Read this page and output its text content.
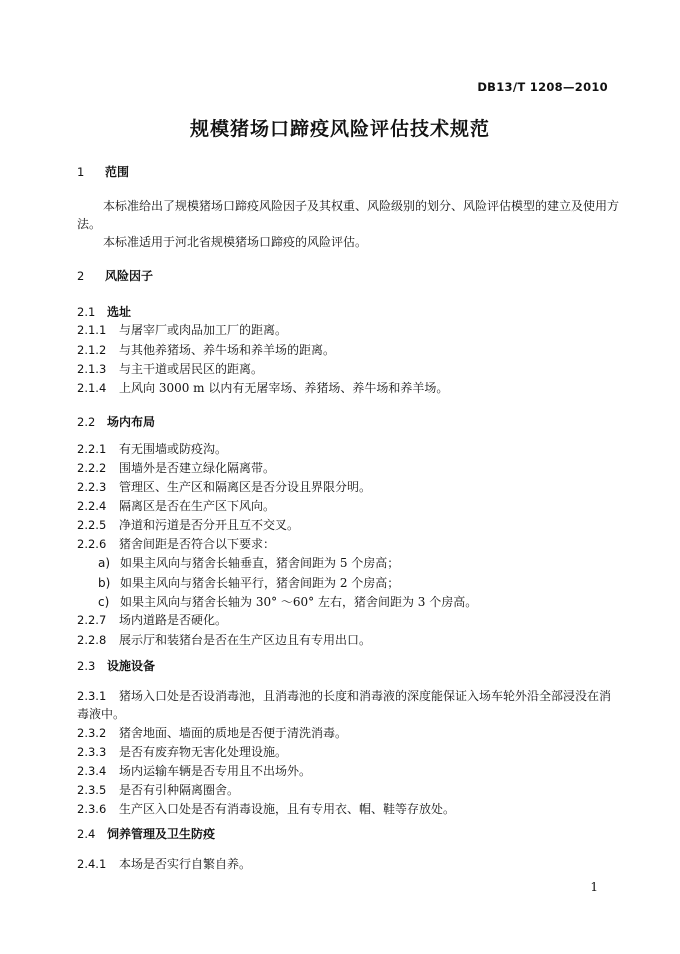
DB13/T 1208—2010
规模猪场口蹄疫风险评估技术规范
1 范围
本标准给出了规模猪场口蹄疫风险因子及其权重、风险级别的划分、风险评估模型的建立及使用方
法。
本标准适用于河北省规模猪场口蹄疫的风险评估。
2 风险因子
2.1 选址
2.1.1 与屠宰厂或肉品加工厂的距离。
2.1.2 与其他养猪场、养牛场和养羊场的距离。
2.1.3 与主干道或居民区的距离。
2.1.4 上风向 3000 m 以内有无屠宰场、养猪场、养牛场和养羊场。
2.2 场内布局
2.2.1 有无围墙或防疫沟。
2.2.2 围墙外是否建立绿化隔离带。
2.2.3 管理区、生产区和隔离区是否分设且界限分明。
2.2.4 隔离区是否在生产区下风向。
2.2.5 净道和污道是否分开且互不交叉。
2.2.6 猪舍间距是否符合以下要求：
a) 如果主风向与猪舍长轴垂直，猪舍间距为 5 个房高；
b) 如果主风向与猪舍长轴平行，猪舍间距为 2 个房高；
c) 如果主风向与猪舍长轴为 30° ～60° 左右，猪舍间距为 3 个房高。
2.2.7 场内道路是否硬化。
2.2.8 展示厅和装猪台是否在生产区边且有专用出口。
2.3 设施设备
2.3.1 猪场入口处是否设消毒池，且消毒池的长度和消毒液的深度能保证入场车轮外沿全部浸没在消
毒液中。
2.3.2 猪舍地面、墙面的质地是否便于清洗消毒。
2.3.3 是否有废弃物无害化处理设施。
2.3.4 场内运输车辆是否专用且不出场外。
2.3.5 是否有引种隔离圈舍。
2.3.6 生产区入口处是否有消毒设施，且有专用衣、帽、鞋等存放处。
2.4 饲养管理及卫生防疫
2.4.1 本场是否实行自繁自养。
1
